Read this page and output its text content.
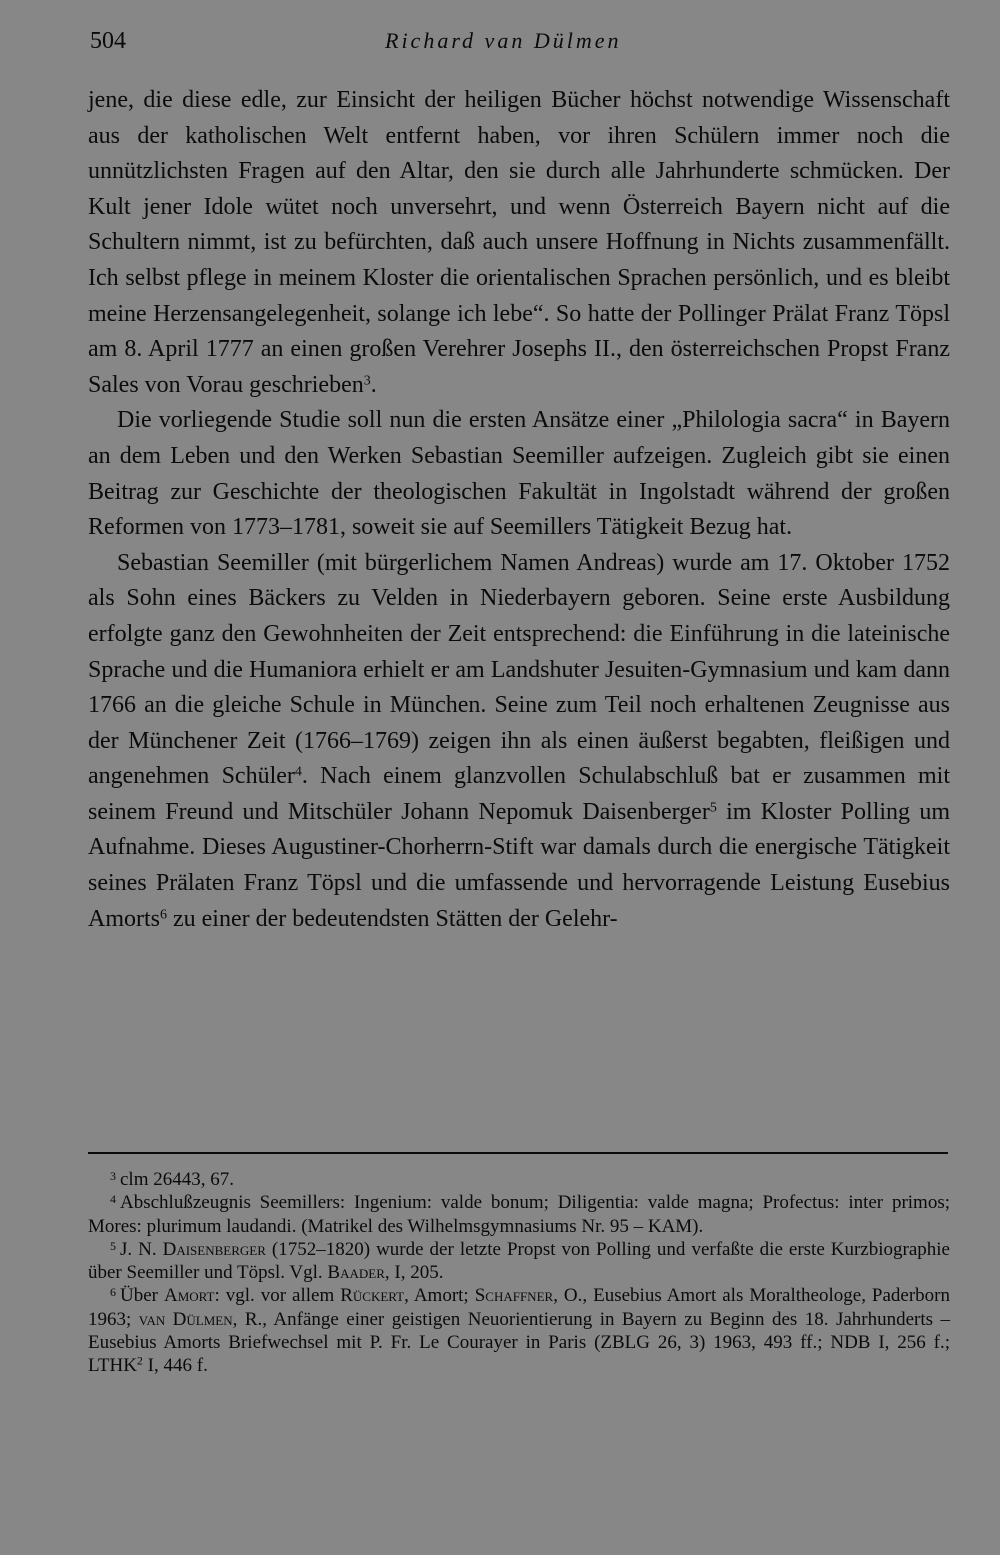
504	Richard van Dülmen

jene, die diese edle, zur Einsicht der heiligen Bücher höchst notwendige Wissenschaft aus der katholischen Welt entfernt haben, vor ihren Schülern immer noch die unnützlichsten Fragen auf den Altar, den sie durch alle Jahrhunderte schmücken. Der Kult jener Idole wütet noch unversehrt, und wenn Österreich Bayern nicht auf die Schultern nimmt, ist zu befürchten, daß auch unsere Hoffnung in Nichts zusammenfällt. Ich selbst pflege in meinem Kloster die orientalischen Sprachen persönlich, und es bleibt meine Herzensangelegenheit, solange ich lebe“. So hatte der Pollinger Prälat Franz Töpsl am 8. April 1777 an einen großen Verehrer Josephs II., den österreichschen Propst Franz Sales von Vorau geschrieben$^3$.

Die vorliegende Studie soll nun die ersten Ansätze einer „Philologia sacra“ in Bayern an dem Leben und den Werken Sebastian Seemiller aufzeigen. Zugleich gibt sie einen Beitrag zur Geschichte der theologischen Fakultät in Ingolstadt während der großen Reformen von 1773–1781, soweit sie auf Seemillers Tätigkeit Bezug hat.

Sebastian Seemiller (mit bürgerlichem Namen Andreas) wurde am 17. Oktober 1752 als Sohn eines Bäckers zu Velden in Niederbayern geboren. Seine erste Ausbildung erfolgte ganz den Gewohnheiten der Zeit entsprechend: die Einführung in die lateinische Sprache und die Humaniora erhielt er am Landshuter Jesuiten-Gymnasium und kam dann 1766 an die gleiche Schule in München. Seine zum Teil noch erhaltenen Zeugnisse aus der Münchener Zeit (1766–1769) zeigen ihn als einen äußerst begabten, fleißigen und angenehmen Schüler$^4$. Nach einem glanzvollen Schulabschluß bat er zusammen mit seinem Freund und Mitschüler Johann Nepomuk Daisenberger$^5$ im Kloster Polling um Aufnahme. Dieses Augustiner-Chorherrn-Stift war damals durch die energische Tätigkeit seines Prälaten Franz Töpsl und die umfassende und hervorragende Leistung Eusebius Amorts$^6$ zu einer der bedeutendsten Stätten der Gelehr-

$^3$ clm 26443, 67.

$^4$ Abschlußzeugnis Seemillers: Ingenium: valde bonum; Diligentia: valde magna; Profectus: inter primos; Mores: plurimum laudandi. (Matrikel des Wilhelmsgymnasiums Nr. 95 – KAM).

$^5$ J. N. Daisenberger (1752–1820) wurde der letzte Propst von Polling und verfaßte die erste Kurzbiographie über Seemiller und Töpsl. Vgl. Baader, I, 205.

$^6$ Über Amort: vgl. vor allem Rückert, Amort; Schaffner, O., Eusebius Amort als Moraltheologe, Paderborn 1963; van Dülmen, R., Anfänge einer geistigen Neuorientierung in Bayern zu Beginn des 18. Jahrhunderts – Eusebius Amorts Briefwechsel mit P. Fr. Le Courayer in Paris (ZBLG 26, 3) 1963, 493 ff.; NDB I, 256 f.; LTHK$^2$ I, 446 f.
